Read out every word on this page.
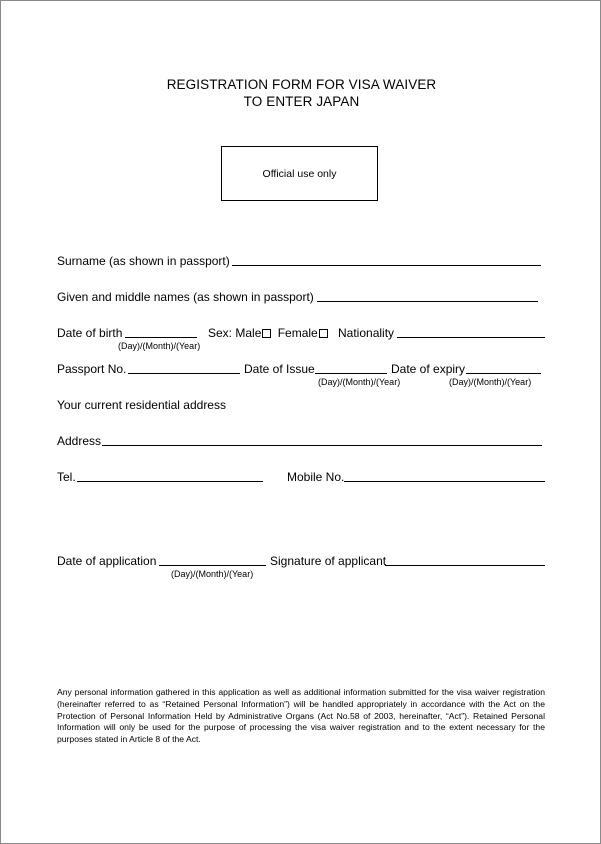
REGISTRATION FORM FOR VISA WAIVER
TO ENTER JAPAN
Official use only
Surname (as shown in passport)
Given and middle names (as shown in passport)
Date of birth
(Day)/(Month)/(Year)
Sex: Male Female	Nationality
Passport No.	Date of Issue
(Day)/(Month)/(Year)
Date of expiry
(Day)/(Month)/(Year)
Your current residential address
Address
Tel.	Mobile No.
Date of application
(Day)/(Month)/(Year)
Signature of applicant
Any personal information gathered in this application as well as additional information submitted for the visa waiver registration (hereinafter referred to as “Retained Personal Information”) will be handled appropriately in accordance with the Act on the Protection of Personal Information Held by Administrative Organs (Act No.58 of 2003, hereinafter, “Act”). Retained Personal Information will only be used for the purpose of processing the visa waiver registration and to the extent necessary for the purposes stated in Article 8 of the Act.
